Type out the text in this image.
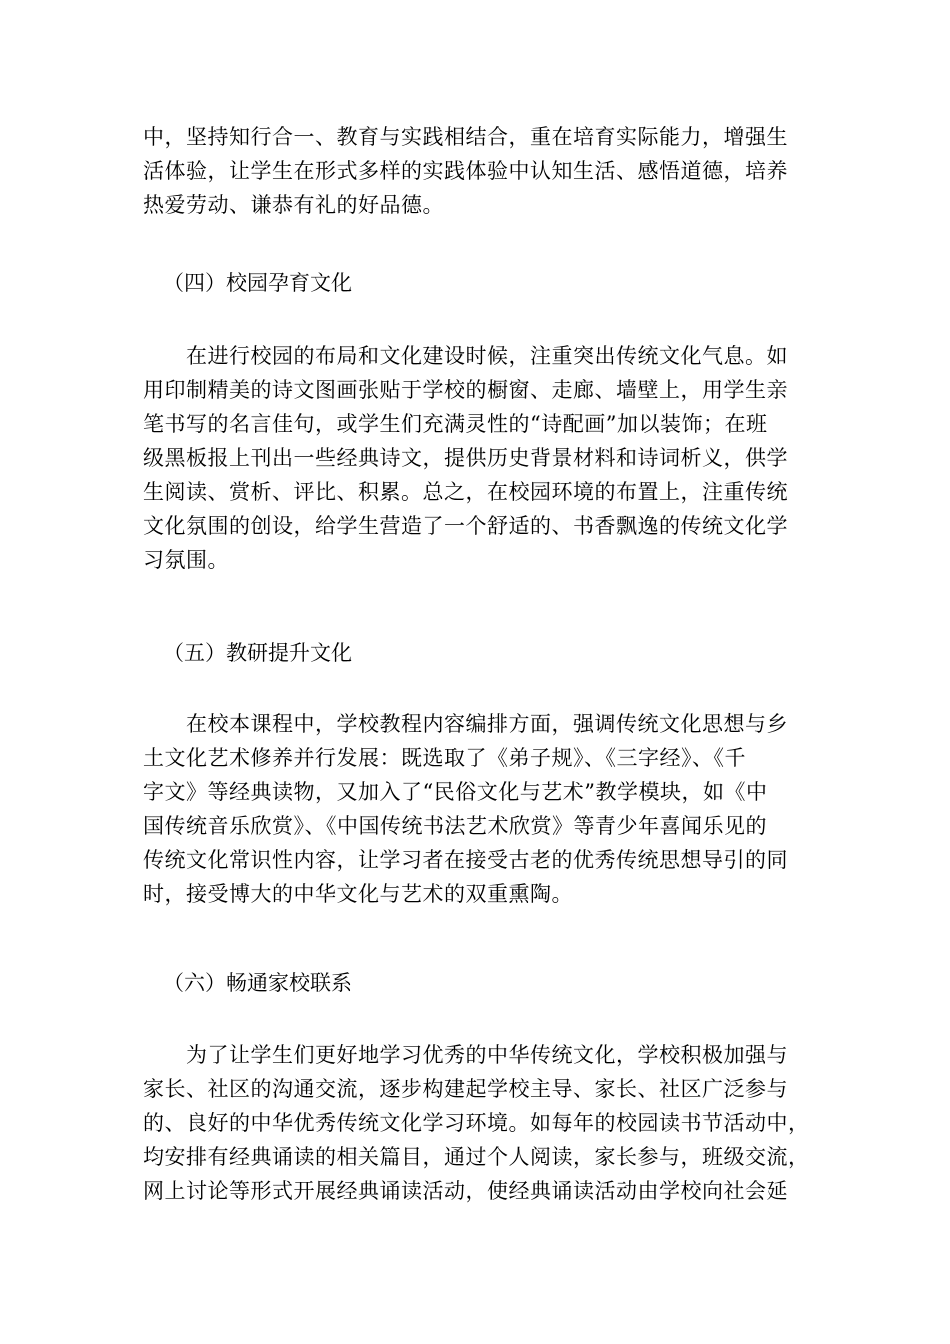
中，坚持知行合一、教育与实践相结合，重在培育实际能力，增强生
活体验，让学生在形式多样的实践体验中认知生活、感悟道德，培养
热爱劳动、谦恭有礼的好品德。
（四）校园孕育文化
　　在进行校园的布局和文化建设时候，注重突出传统文化气息。如
用印制精美的诗文图画张贴于学校的橱窗、走廊、墙壁上，用学生亲
笔书写的名言佳句，或学生们充满灵性的“诗配画”加以装饰；在班
级黑板报上刊出一些经典诗文，提供历史背景材料和诗词析义，供学
生阅读、赏析、评比、积累。总之，在校园环境的布置上，注重传统
文化氛围的创设，给学生营造了一个舒适的、书香飘逸的传统文化学
习氛围。
（五）教研提升文化
　　在校本课程中，学校教程内容编排方面，强调传统文化思想与乡
土文化艺术修养并行发展：既选取了《弟子规》、《三字经》、《千
字文》等经典读物，又加入了“民俗文化与艺术”教学模块，如《中
国传统音乐欣赏》、《中国传统书法艺术欣赏》等青少年喜闻乐见的
传统文化常识性内容，让学习者在接受古老的优秀传统思想导引的同
时，接受博大的中华文化与艺术的双重熏陶。
（六）畅通家校联系
　　为了让学生们更好地学习优秀的中华传统文化，学校积极加强与
家长、社区的沟通交流，逐步构建起学校主导、家长、社区广泛参与
的、良好的中华优秀传统文化学习环境。如每年的校园读书节活动中，
均安排有经典诵读的相关篇目，通过个人阅读，家长参与，班级交流，
网上讨论等形式开展经典诵读活动，使经典诵读活动由学校向社会延
